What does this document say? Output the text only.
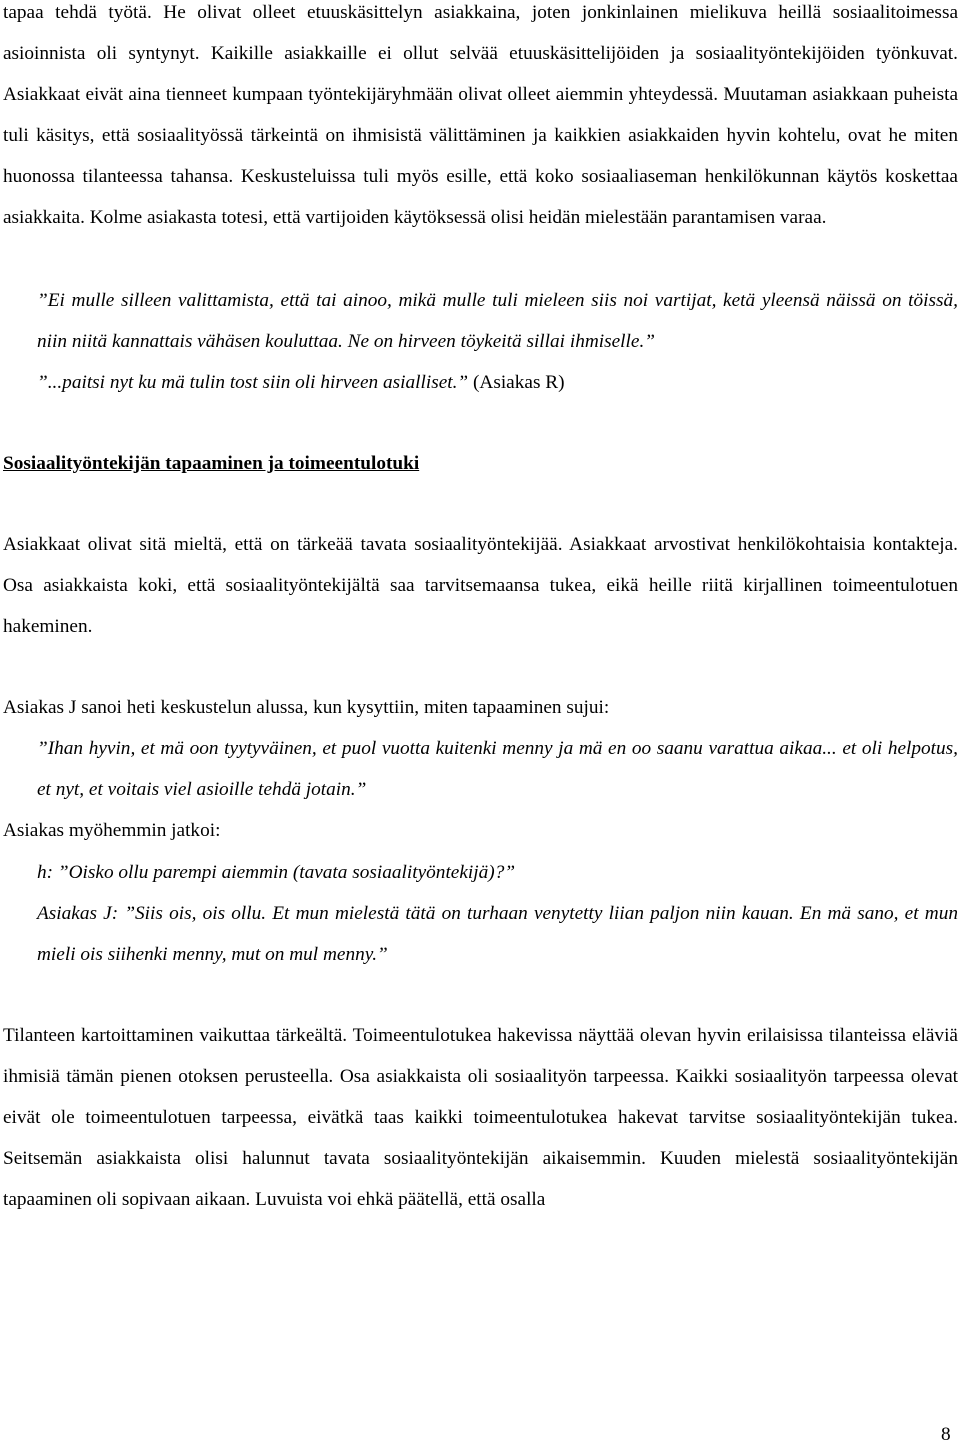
tapaa tehdä työtä. He olivat olleet etuuskäsittelyn asiakkaina, joten jonkinlainen mielikuva heillä sosiaalitoimessa asioinnista oli syntynyt. Kaikille asiakkaille ei ollut selvää etuuskäsittelijöiden ja sosiaalityöntekijöiden työnkuvat. Asiakkaat eivät aina tienneet kumpaan työntekijäryhmään olivat olleet aiemmin yhteydessä. Muutaman asiakkaan puheista tuli käsitys, että sosiaalityössä tärkeintä on ihmisistä välittäminen ja kaikkien asiakkaiden hyvin kohtelu, ovat he miten huonossa tilanteessa tahansa. Keskusteluissa tuli myös esille, että koko sosiaaliaseman henkilökunnan käytös koskettaa asiakkaita. Kolme asiakasta totesi, että vartijoiden käytöksessä olisi heidän mielestään parantamisen varaa.

”Ei mulle silleen valittamista, että tai ainoo, mikä mulle tuli mieleen siis noi vartijat, ketä yleensä näissä on töissä, niin niitä kannattais vähäsen kouluttaa. Ne on hirveen töykeitä sillai ihmiselle.”

”...paitsi nyt ku mä tulin tost siin oli hirveen asialliset.” (Asiakas R)

Sosiaalityöntekijän tapaaminen ja toimeentulotuki

Asiakkaat olivat sitä mieltä, että on tärkeää tavata sosiaalityöntekijää. Asiakkaat arvostivat henkilökohtaisia kontakteja. Osa asiakkaista koki, että sosiaalityöntekijältä saa tarvitsemaansa tukea, eikä heille riitä kirjallinen toimeentulotuen hakeminen.

Asiakas J sanoi heti keskustelun alussa, kun kysyttiin, miten tapaaminen sujui:

”Ihan hyvin, et mä oon tyytyväinen, et puol vuotta kuitenki menny ja mä en oo saanu varattua aikaa... et oli helpotus, et nyt, et voitais viel asioille tehdä jotain.”

Asiakas myöhemmin jatkoi:

h: ”Oisko ollu parempi aiemmin (tavata sosiaalityöntekijä)?”

Asiakas J: ”Siis ois, ois ollu. Et mun mielestä tätä on turhaan venytetty liian paljon niin kauan. En mä sano, et mun mieli ois siihenki menny, mut on mul menny.”

Tilanteen kartoittaminen vaikuttaa tärkeältä. Toimeentulotukea hakevissa näyttää olevan hyvin erilaisissa tilanteissa eläviä ihmisiä tämän pienen otoksen perusteella. Osa asiakkaista oli sosiaalityön tarpeessa. Kaikki sosiaalityön tarpeessa olevat eivät ole toimeentulotuen tarpeessa, eivätkä taas kaikki toimeentulotukea hakevat tarvitse sosiaalityöntekijän tukea. Seitsemän asiakkaista olisi halunnut tavata sosiaalityöntekijän aikaisemmin. Kuuden mielestä sosiaalityöntekijän tapaaminen oli sopivaan aikaan. Luvuista voi ehkä päätellä, että osalla

8
